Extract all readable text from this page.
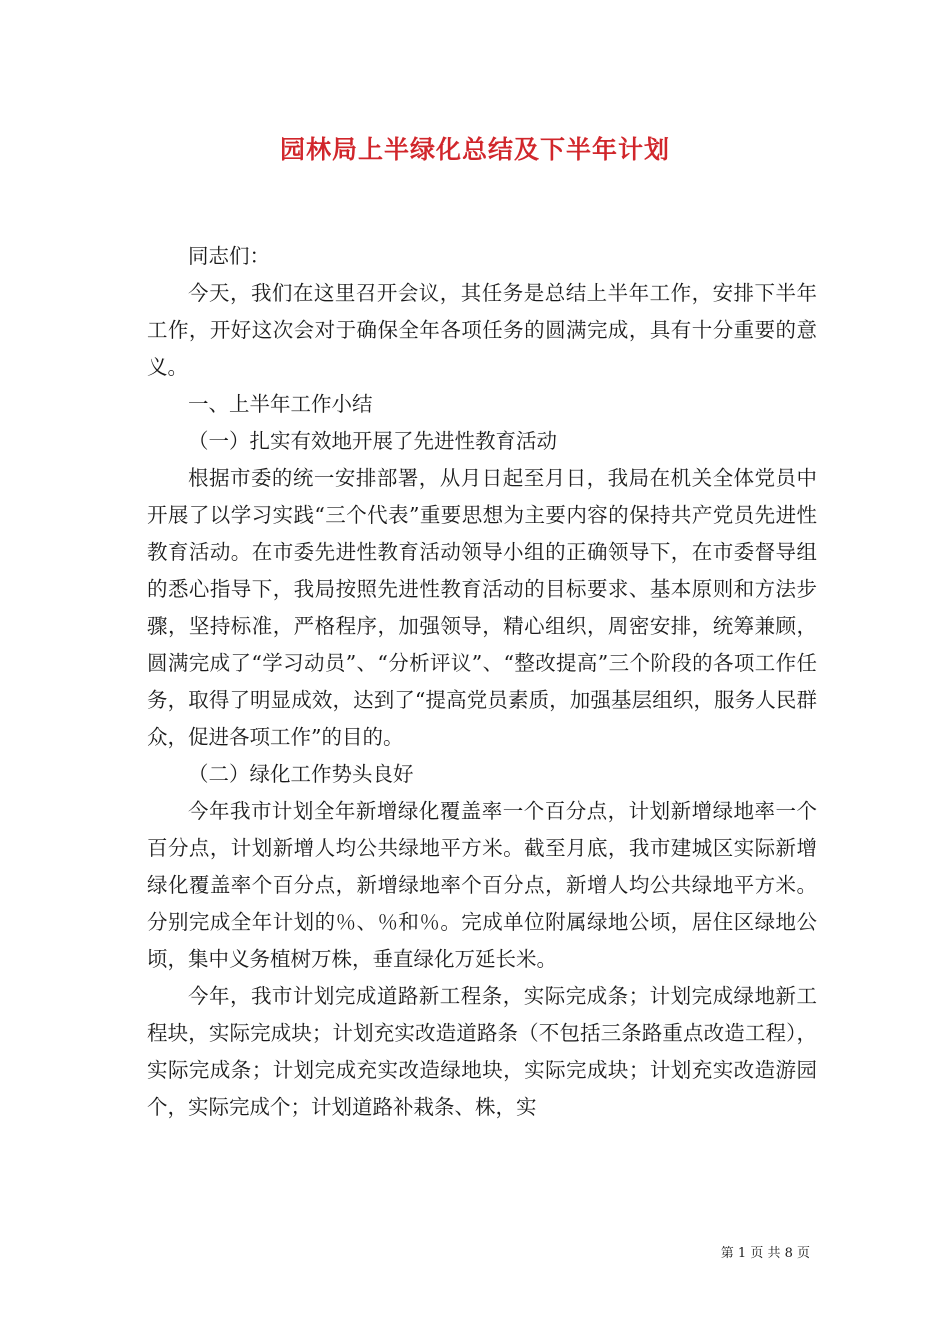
园林局上半绿化总结及下半年计划

同志们：

今天，我们在这里召开会议，其任务是总结上半年工作，安排下半年工作，开好这次会对于确保全年各项任务的圆满完成，具有十分重要的意义。

一、上半年工作小结

（一）扎实有效地开展了先进性教育活动

根据市委的统一安排部署，从月日起至月日，我局在机关全体党员中开展了以学习实践“三个代表”重要思想为主要内容的保持共产党员先进性教育活动。在市委先进性教育活动领导小组的正确领导下，在市委督导组的悉心指导下，我局按照先进性教育活动的目标要求、基本原则和方法步骤，坚持标准，严格程序，加强领导，精心组织，周密安排，统筹兼顾，圆满完成了“学习动员”、“分析评议”、“整改提高”三个阶段的各项工作任务，取得了明显成效，达到了“提高党员素质，加强基层组织，服务人民群众，促进各项工作”的目的。

（二）绿化工作势头良好

今年我市计划全年新增绿化覆盖率一个百分点，计划新增绿地率一个百分点，计划新增人均公共绿地平方米。截至月底，我市建城区实际新增绿化覆盖率个百分点，新增绿地率个百分点，新增人均公共绿地平方米。分别完成全年计划的％、％和％。完成单位附属绿地公顷，居住区绿地公顷，集中义务植树万株，垂直绿化万延长米。

今年，我市计划完成道路新工程条，实际完成条；计划完成绿地新工程块，实际完成块；计划充实改造道路条（不包括三条路重点改造工程），实际完成条；计划完成充实改造绿地块，实际完成块；计划充实改造游园个，实际完成个；计划道路补栽条、株，实

第 1 页 共 8 页
